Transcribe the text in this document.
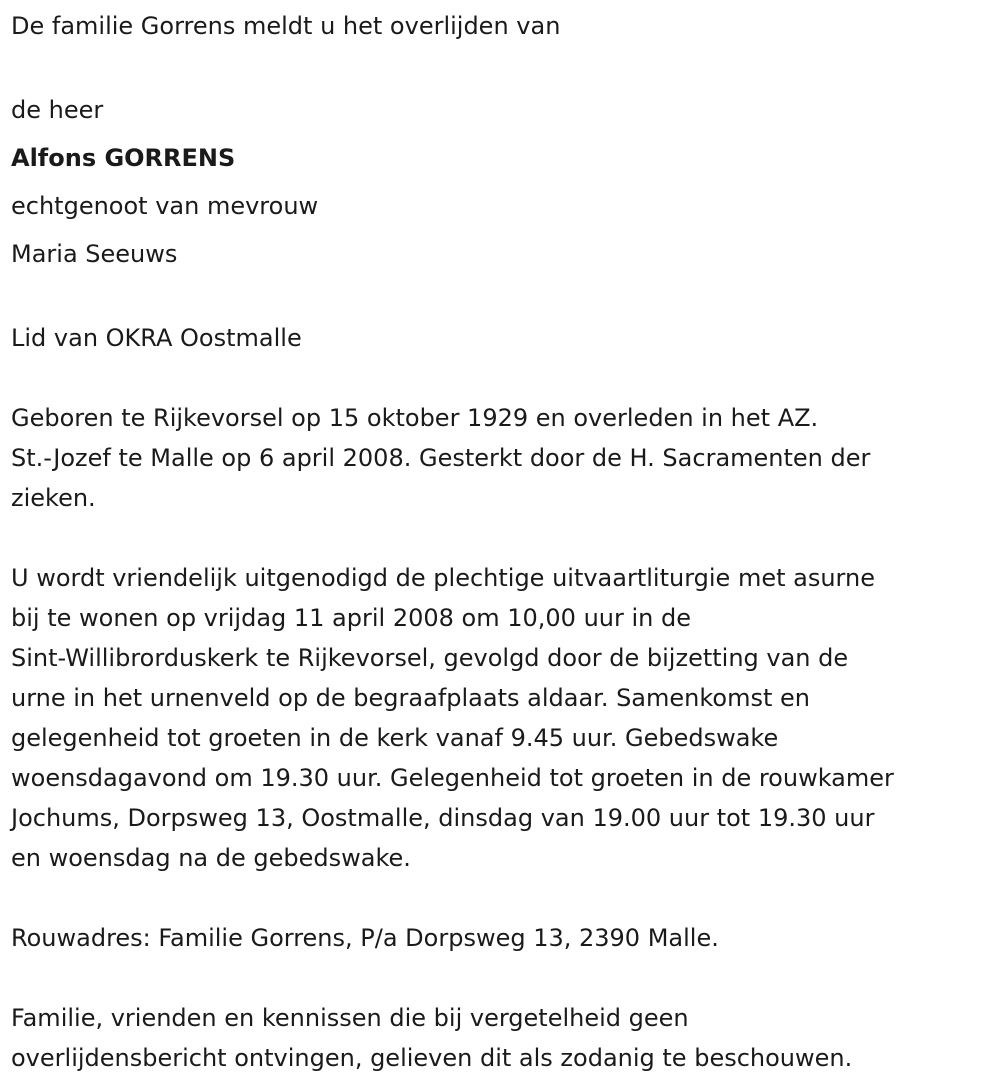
De familie Gorrens meldt u het overlijden van

de heer

Alfons GORRENS

echtgenoot van mevrouw

Maria Seeuws

Lid van OKRA Oostmalle

Geboren te Rijkevorsel op 15 oktober 1929 en overleden in het AZ.
St.-Jozef te Malle op 6 april 2008. Gesterkt door de H. Sacramenten der
zieken.

U wordt vriendelijk uitgenodigd de plechtige uitvaartliturgie met asurne
bij te wonen op vrijdag 11 april 2008 om 10,00 uur in de
Sint-Willibrorduskerk te Rijkevorsel, gevolgd door de bijzetting van de
urne in het urnenveld op de begraafplaats aldaar. Samenkomst en
gelegenheid tot groeten in de kerk vanaf 9.45 uur. Gebedswake
woensdagavond om 19.30 uur. Gelegenheid tot groeten in de rouwkamer
Jochums, Dorpsweg 13, Oostmalle, dinsdag van 19.00 uur tot 19.30 uur
en woensdag na de gebedswake.

Rouwadres: Familie Gorrens, P/a Dorpsweg 13, 2390 Malle.

Familie, vrienden en kennissen die bij vergetelheid geen
overlijdensbericht ontvingen, gelieven dit als zodanig te beschouwen.
